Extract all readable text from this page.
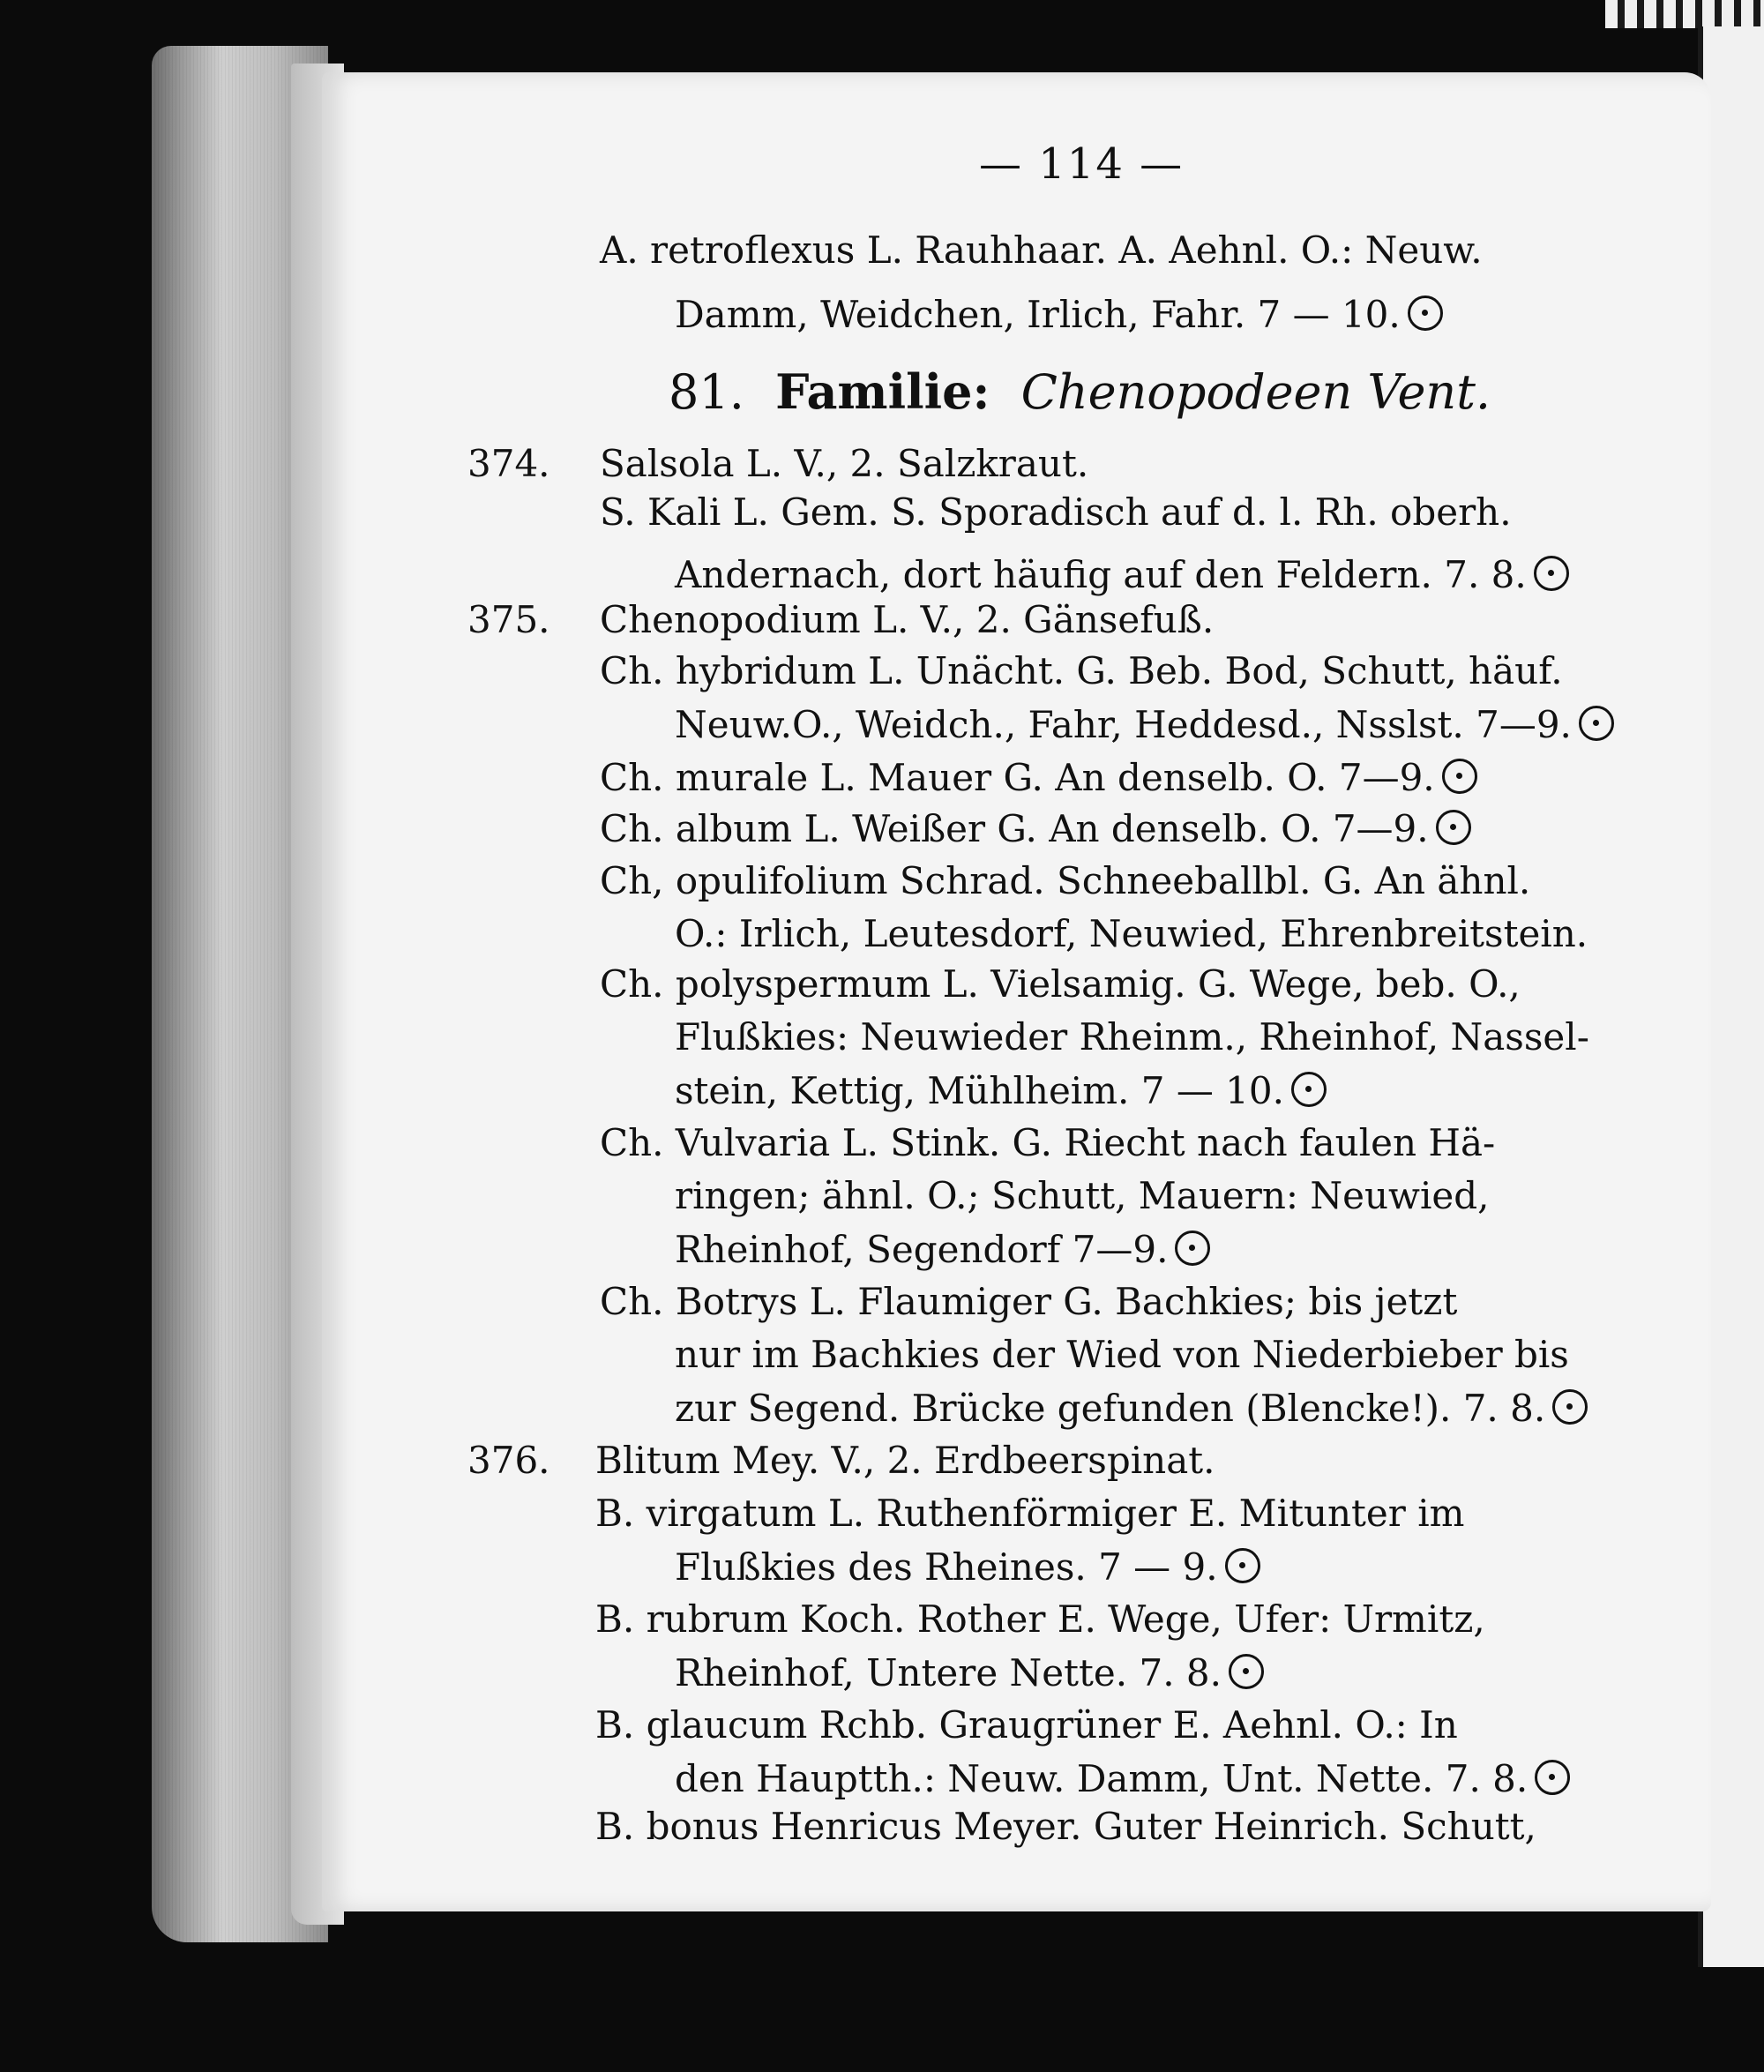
— 114 —
81. Familie: Chenopodeen Vent.
A. retroflexus L. Rauhhaar. A. Aehnl. O.: Neuw.
Damm, Weidchen, Irlich, Fahr. 7 — 10.
374. Salsola L. V., 2. Salzkraut.
S. Kali L. Gem. S. Sporadisch auf d. l. Rh. oberh.
Andernach, dort häufig auf den Feldern. 7. 8.
375. Chenopodium L. V., 2. Gänsefuß.
Ch. hybridum L. Unächt. G. Beb. Bod, Schutt, häuf.
Neuw.O., Weidch., Fahr, Heddesd., Nsslst. 7—9.
Ch. murale L. Mauer G. An denselb. O. 7—9.
Ch. album L. Weißer G. An denselb. O. 7—9.
Ch, opulifolium Schrad. Schneeballbl. G. An ähnl.
O.: Irlich, Leutesdorf, Neuwied, Ehrenbreitstein.
Ch. polyspermum L. Vielsamig. G. Wege, beb. O.,
Flußkies: Neuwieder Rheinm., Rheinhof, Nassel-
stein, Kettig, Mühlheim. 7 — 10.
Ch. Vulvaria L. Stink. G. Riecht nach faulen Hä-
ringen; ähnl. O.; Schutt, Mauern: Neuwied,
Rheinhof, Segendorf 7—9.
Ch. Botrys L. Flaumiger G. Bachkies; bis jetzt
nur im Bachkies der Wied von Niederbieber bis
zur Segend. Brücke gefunden (Blencke!). 7. 8.
376. Blitum Mey. V., 2. Erdbeerspinat.
B. virgatum L. Ruthenförmiger E. Mitunter im
Flußkies des Rheines. 7 — 9.
B. rubrum Koch. Rother E. Wege, Ufer: Urmitz,
Rheinhof, Untere Nette. 7. 8.
B. glaucum Rchb. Graugrüner E. Aehnl. O.: In
den Hauptth.: Neuw. Damm, Unt. Nette. 7. 8.
B. bonus Henricus Meyer. Guter Heinrich. Schutt,
